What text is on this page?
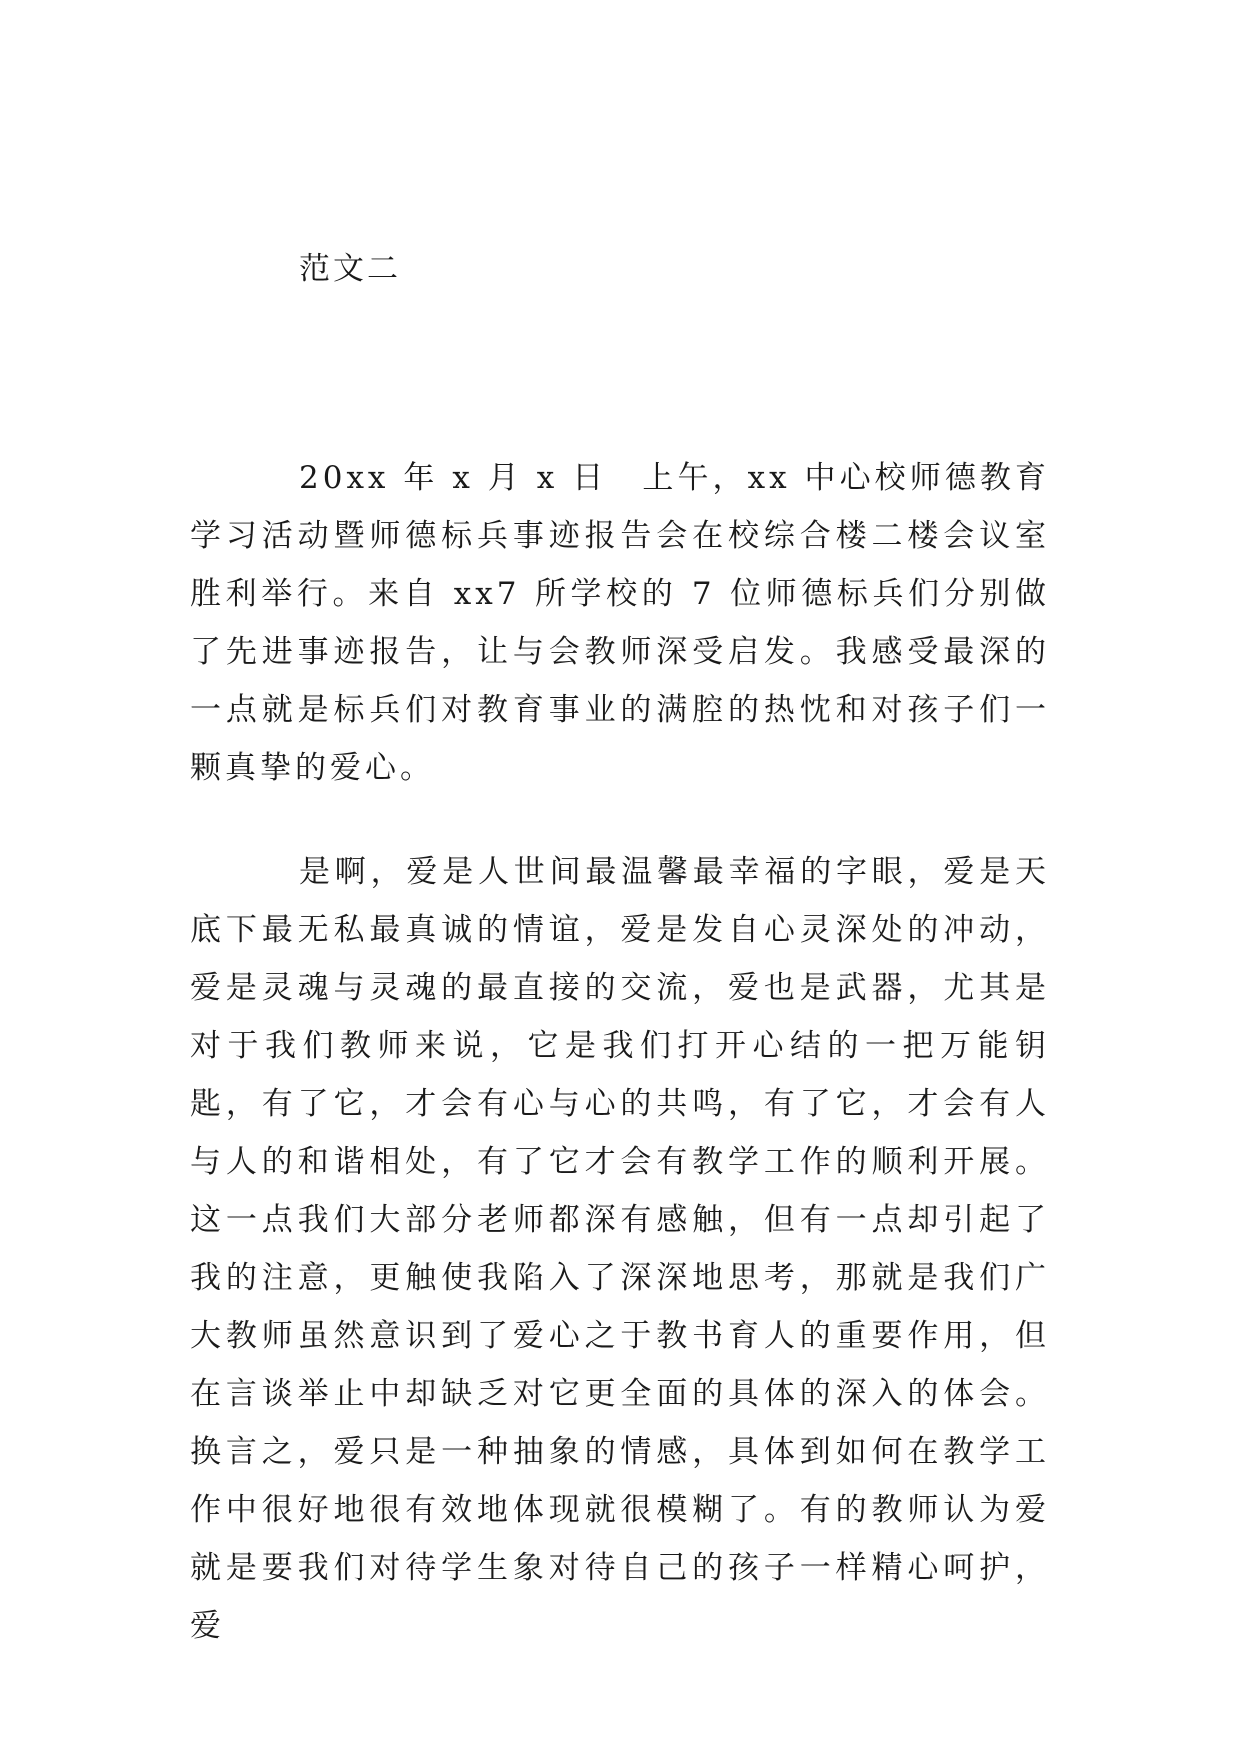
范文二

20xx 年 x 月 x 日　上午，xx 中心校师德教育学习活动暨师德标兵事迹报告会在校综合楼二楼会议室胜利举行。来自 xx7 所学校的 7 位师德标兵们分别做了先进事迹报告，让与会教师深受启发。我感受最深的一点就是标兵们对教育事业的满腔的热忱和对孩子们一颗真挚的爱心。

是啊，爱是人世间最温馨最幸福的字眼，爱是天底下最无私最真诚的情谊，爱是发自心灵深处的冲动，爱是灵魂与灵魂的最直接的交流，爱也是武器，尤其是对于我们教师来说，它是我们打开心结的一把万能钥匙，有了它，才会有心与心的共鸣，有了它，才会有人与人的和谐相处，有了它才会有教学工作的顺利开展。这一点我们大部分老师都深有感触，但有一点却引起了我的注意，更触使我陷入了深深地思考，那就是我们广大教师虽然意识到了爱心之于教书育人的重要作用，但在言谈举止中却缺乏对它更全面的具体的深入的体会。换言之，爱只是一种抽象的情感，具体到如何在教学工作中很好地很有效地体现就很模糊了。有的教师认为爱就是要我们对待学生象对待自己的孩子一样精心呵护，爱
